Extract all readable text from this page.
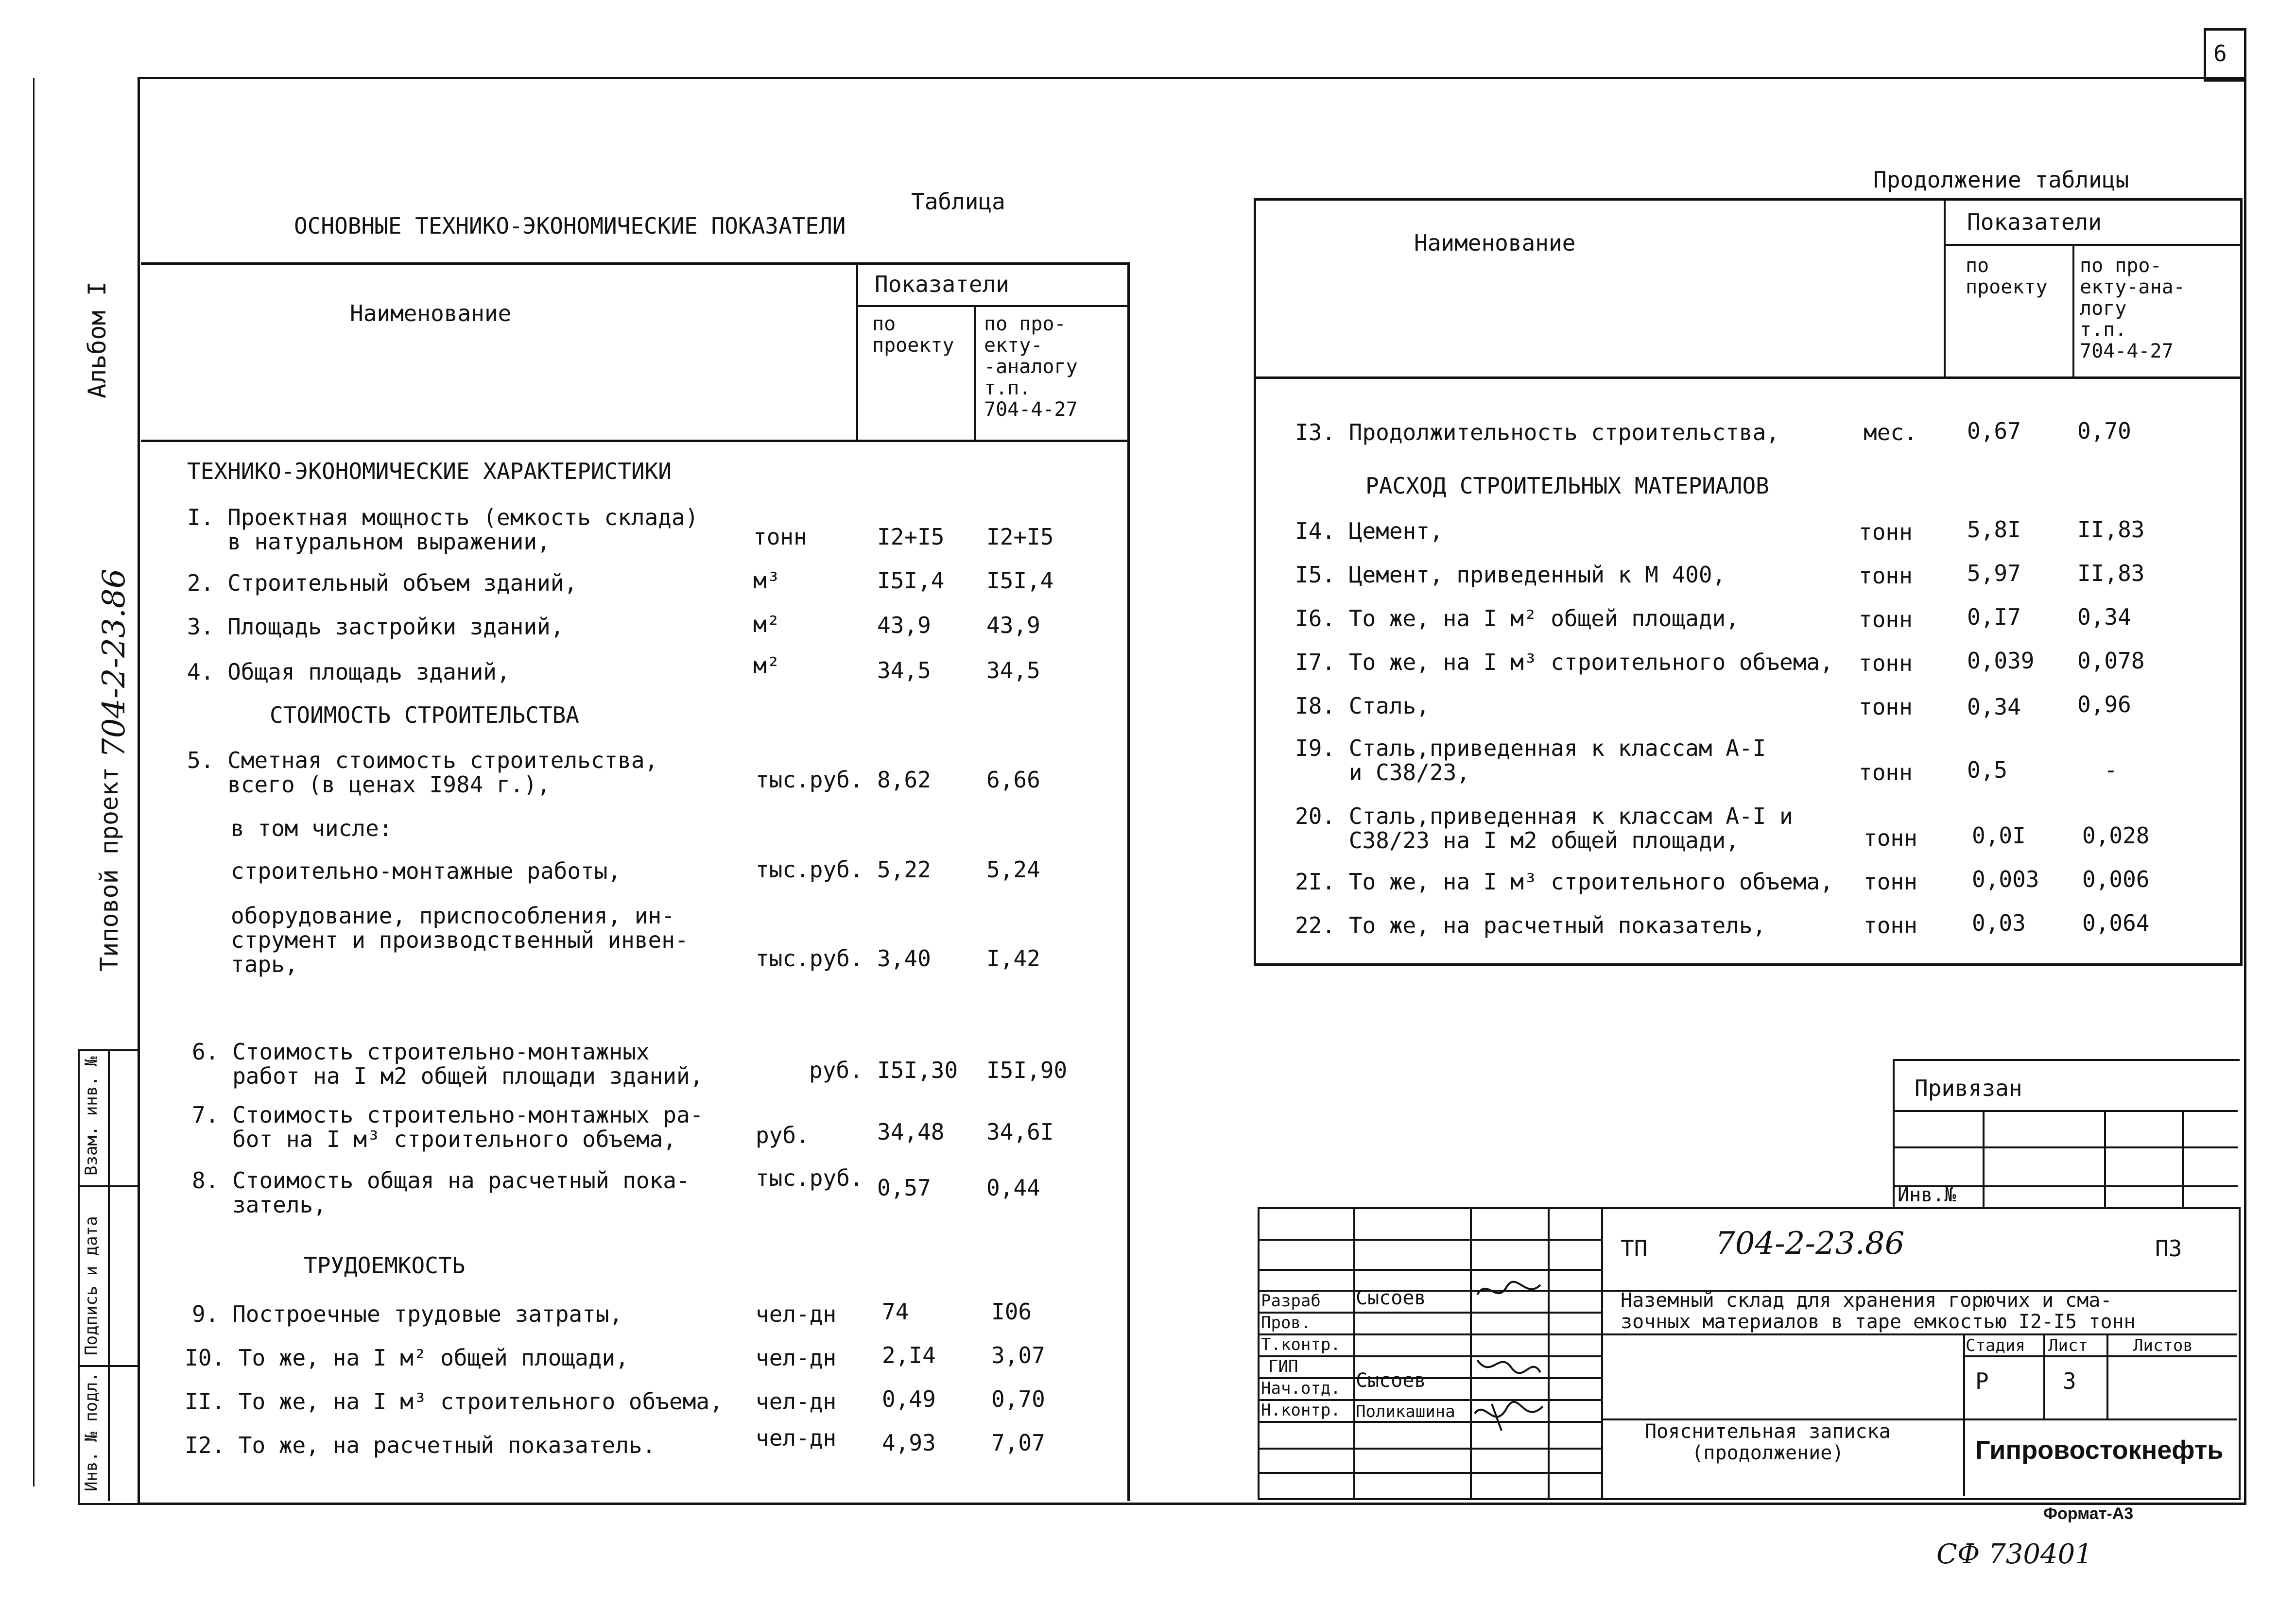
6
Альбом I
704-2-23.86
Типовой проект
Инв. № подл.
Подпись и дата
Взам. инв. №
Таблица
ОСНОВНЫЕ ТЕХНИКО-ЭКОНОМИЧЕСКИЕ ПОКАЗАТЕЛИ
Наименование
Показатели
по
проекту
по про-
екту-
-аналогу
т.п.
704-4-27
ТЕХНИКО-ЭКОНОМИЧЕСКИЕ ХАРАКТЕРИСТИКИ
I. Проектная мощность (емкость склада)
в натуральном выражении,	тонн	I2+I5 I2+I5
2. Строительный объем зданий,	м³	I5I,4 I5I,4
3. Площадь застройки зданий,	м²	43,9 43,9
4. Общая площадь зданий,	м²	34,5 34,5
СТОИМОСТЬ СТРОИТЕЛЬСТВА
5. Сметная стоимость строительства,
всего (в ценах I984 г.),	тыс.руб. 8,62 6,66
в том числе:
строительно-монтажные работы,	тыс.руб. 5,22 5,24
оборудование, приспособления, ин-
струмент и производственный инвен-
тарь,	тыс.руб. 3,40 I,42
6. Стоимость строительно-монтажных
работ на I м2 общей площади зданий,	руб. I5I,30 I5I,90
7. Стоимость строительно-монтажных ра-
бот на I м³ строительного объема,	руб.	34,48 34,6I
8. Стоимость общая на расчетный пока-
затель,
тыс.руб. 0,57 0,44
ТРУДОЕМКОСТЬ
9. Построечные трудовые затраты,	чел-дн 74	I06
I0. То же, на I м² общей площади,	чел-дн 2,I4 3,07
II. То же, на I м³ строительного объема, чел-дн 0,49 0,70
I2. То же, на расчетный показатель.	чел-дн 4,93 7,07
Продолжение таблицы
Наименование
Показатели
по
проекту
по про-
екту-ана-
логу
т.п.
704-4-27
I3. Продолжительность строительства,	мес. 0,67	0,70
РАСХОД СТРОИТЕЛЬНЫХ МАТЕРИАЛОВ
I4. Цемент,	тонн 5,8I	II,83
I5. Цемент, приведенный к М 400,	тонн 5,97	II,83
I6. То же, на I м² общей площади,	тонн 0,I7	0,34
I7. То же, на I м³ строительного объема, тонн 0,039 0,078
I8. Сталь,	тонн 0,34	0,96
I9. Сталь,приведенная к классам А-I
и С38/23,	тонн 0,5	-
20. Сталь,приведенная к классам А-I и
С38/23 на I м2 общей площади,	тонн 0,0I	0,028
2I. То же, на I м³ строительного объема, тонн 0,003 0,006
22. То же, на расчетный показатель,	тонн 0,03	0,064
Привязан
Инв.№
Разраб
Пров.
Т.контр.
ГИП
Нач.отд.
Н.контр.
Сысоев
Сысоев
Поликашина
ТП 704-2-23.86	ПЗ
Наземный склад для хранения горючих и сма-
зочных материалов в таре емкостью I2-I5 тонн
Стадия Лист	Листов
Р	3
Пояснительная записка
(продолжение)	Гипровостокнефть
Формат-А3
СФ 730401
